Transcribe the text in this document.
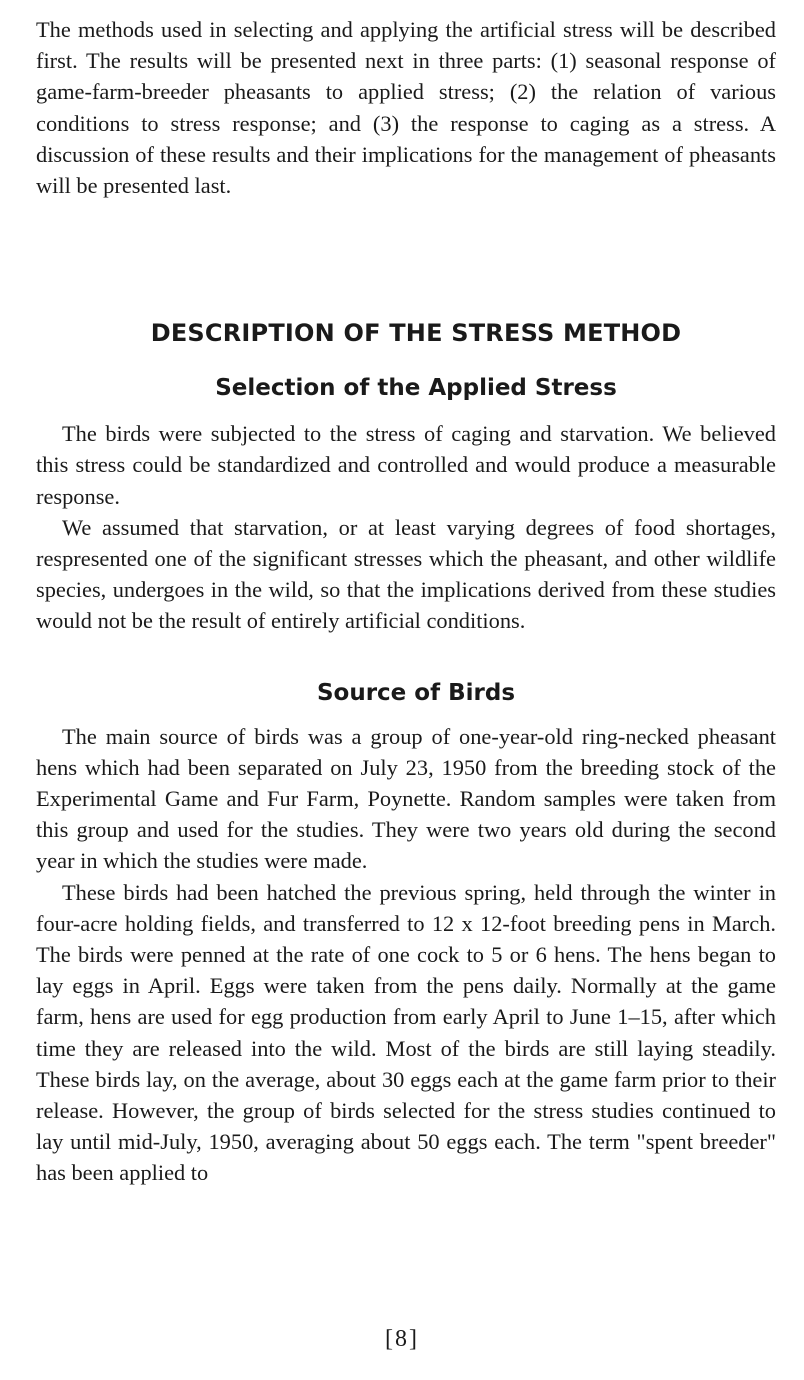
The methods used in selecting and applying the artificial stress will be described first. The results will be presented next in three parts: (1) seasonal response of game-farm-breeder pheasants to applied stress; (2) the relation of various conditions to stress response; and (3) the response to caging as a stress. A discussion of these results and their implications for the management of pheasants will be presented last.

DESCRIPTION OF THE STRESS METHOD
Selection of the Applied Stress

The birds were subjected to the stress of caging and starvation. We believed this stress could be standardized and controlled and would produce a measurable response.

We assumed that starvation, or at least varying degrees of food shortages, respresented one of the significant stresses which the pheasant, and other wildlife species, undergoes in the wild, so that the implications derived from these studies would not be the result of entirely artificial conditions.

Source of Birds

The main source of birds was a group of one-year-old ring-necked pheasant hens which had been separated on July 23, 1950 from the breeding stock of the Experimental Game and Fur Farm, Poynette. Random samples were taken from this group and used for the studies. They were two years old during the second year in which the studies were made.

These birds had been hatched the previous spring, held through the winter in four-acre holding fields, and transferred to 12 x 12-foot breeding pens in March. The birds were penned at the rate of one cock to 5 or 6 hens. The hens began to lay eggs in April. Eggs were taken from the pens daily. Normally at the game farm, hens are used for egg production from early April to June 1–15, after which time they are released into the wild. Most of the birds are still laying steadily. These birds lay, on the average, about 30 eggs each at the game farm prior to their release. However, the group of birds selected for the stress studies continued to lay until mid-July, 1950, averaging about 50 eggs each. The term "spent breeder" has been applied to

[8]
